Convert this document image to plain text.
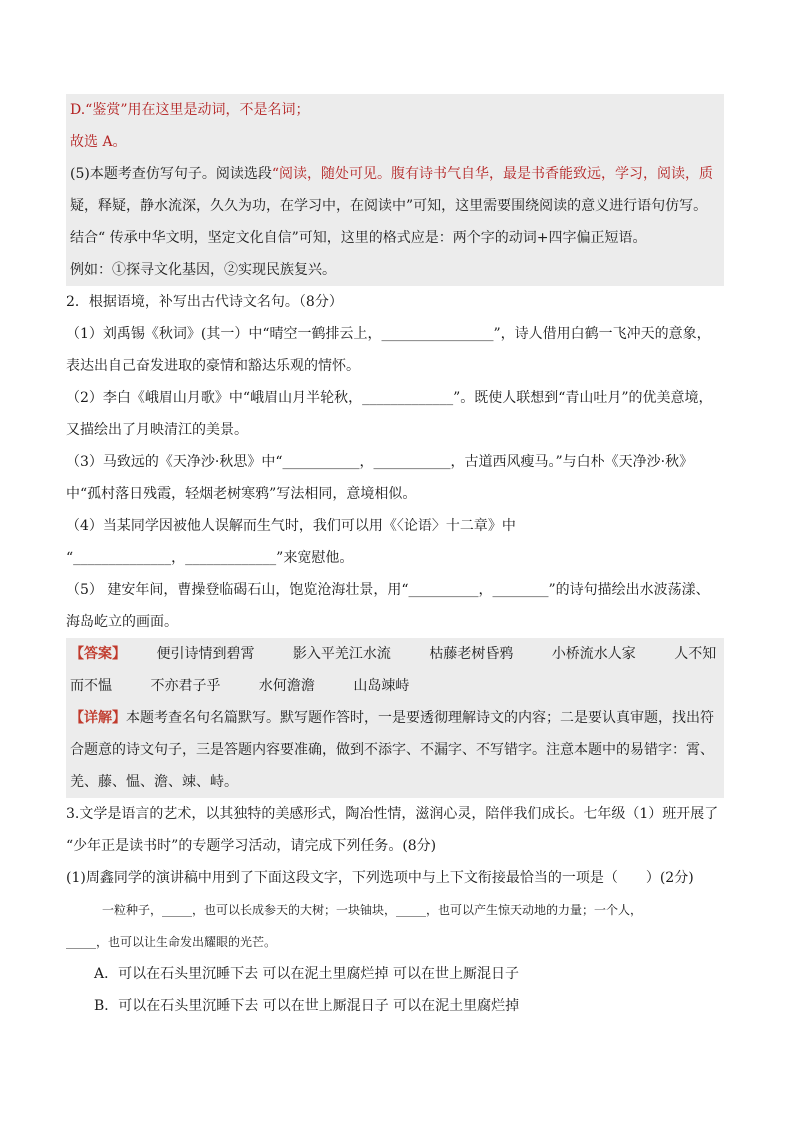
D.“鉴赏”用在这里是动词，不是名词；
故选 A。
(5)本题考查仿写句子。阅读选段“阅读，随处可见。腹有诗书气自华，最是书香能致远，学习，阅读，质
疑，释疑，静水流深，久久为功，在学习中，在阅读中”可知，这里需要围绕阅读的意义进行语句仿写。
结合“ 传承中华文明，坚定文化自信”可知，这里的格式应是：两个字的动词+四字偏正短语。
例如：①探寻文化基因，②实现民族复兴。
2．根据语境，补写出古代诗文名句。（8分）
（1）刘禹锡《秋词》(其一）中“晴空一鹤排云上，________________”，诗人借用白鹤一飞冲天的意象，
表达出自己奋发进取的豪情和豁达乐观的情怀。
（2）李白《峨眉山月歌》中“峨眉山月半轮秋，_____________”。既使人联想到“青山吐月”的优美意境，
又描绘出了月映清江的美景。
（3）马致远的《天净沙·秋思》中“___________，___________，古道西风瘦马。”与白朴《天净沙·秋》
中“孤村落日残霞，轻烟老树寒鸦”写法相同，意境相似。
（4）当某同学因被他人误解而生气时，我们可以用《〈论语〉十二章》中
“______________，_____________”来宽慰他。
（5） 建安年间，曹操登临碣石山，饱览沧海壮景，用“__________，________”的诗句描绘出水波荡漾、
海岛屹立的画面。
【答案】 便引诗情到碧霄	影入平羌江水流	枯藤老树昏鸦	小桥流水人家	人不知
而不愠	不亦君子乎	水何澹澹	山岛竦峙
【详解】本题考查名句名篇默写。默写题作答时，一是要透彻理解诗文的内容；二是要认真审题，找出符
合题意的诗文句子，三是答题内容要准确，做到不添字、不漏字、不写错字。注意本题中的易错字：霄、
羌、藤、愠、澹、竦、峙。
3.文学是语言的艺术，以其独特的美感形式，陶冶性情，滋润心灵，陪伴我们成长。七年级（1）班开展了
“少年正是读书时”的专题学习活动，请完成下列任务。(8分)
(1)周鑫同学的演讲稿中用到了下面这段文字，下列选项中与上下文衔接最恰当的一项是（　　）(2分)
一粒种子，_____，也可以长成参天的大树；一块铀块，_____，也可以产生惊天动地的力量；一个人，
_____，也可以让生命发出耀眼的光芒。
A．可以在石头里沉睡下去 可以在泥土里腐烂掉 可以在世上厮混日子
B．可以在石头里沉睡下去 可以在世上厮混日子 可以在泥土里腐烂掉
